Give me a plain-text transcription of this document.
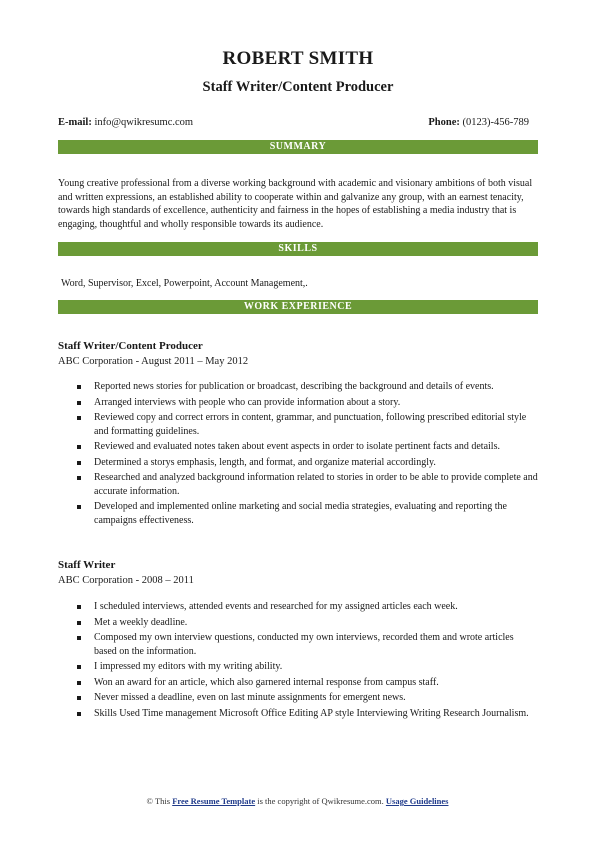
ROBERT SMITH
Staff Writer/Content Producer
E-mail: info@qwikresumc.com	Phone: (0123)-456-789
SUMMARY
Young creative professional from a diverse working background with academic and visionary ambitions of both visual and written expressions, an established ability to cooperate within and galvanize any group, with an earnest tenacity, towards high standards of excellence, authenticity and fairness in the hopes of establishing a media industry that is engaging, thoughtful and wholly responsible towards its audience.
SKILLS
Word, Supervisor, Excel, Powerpoint, Account Management,.
WORK EXPERIENCE
Staff Writer/Content Producer
ABC Corporation - August 2011 – May 2012
Reported news stories for publication or broadcast, describing the background and details of events.
Arranged interviews with people who can provide information about a story.
Reviewed copy and correct errors in content, grammar, and punctuation, following prescribed editorial style and formatting guidelines.
Reviewed and evaluated notes taken about event aspects in order to isolate pertinent facts and details.
Determined a storys emphasis, length, and format, and organize material accordingly.
Researched and analyzed background information related to stories in order to be able to provide complete and accurate information.
Developed and implemented online marketing and social media strategies, evaluating and reporting the campaigns effectiveness.
Staff Writer
ABC Corporation - 2008 – 2011
I scheduled interviews, attended events and researched for my assigned articles each week.
Met a weekly deadline.
Composed my own interview questions, conducted my own interviews, recorded them and wrote articles based on the information.
I impressed my editors with my writing ability.
Won an award for an article, which also garnered internal response from campus staff.
Never missed a deadline, even on last minute assignments for emergent news.
Skills Used Time management Microsoft Office Editing AP style Interviewing Writing Research Journalism.
© This Free Resume Template is the copyright of Qwikresume.com. Usage Guidelines
